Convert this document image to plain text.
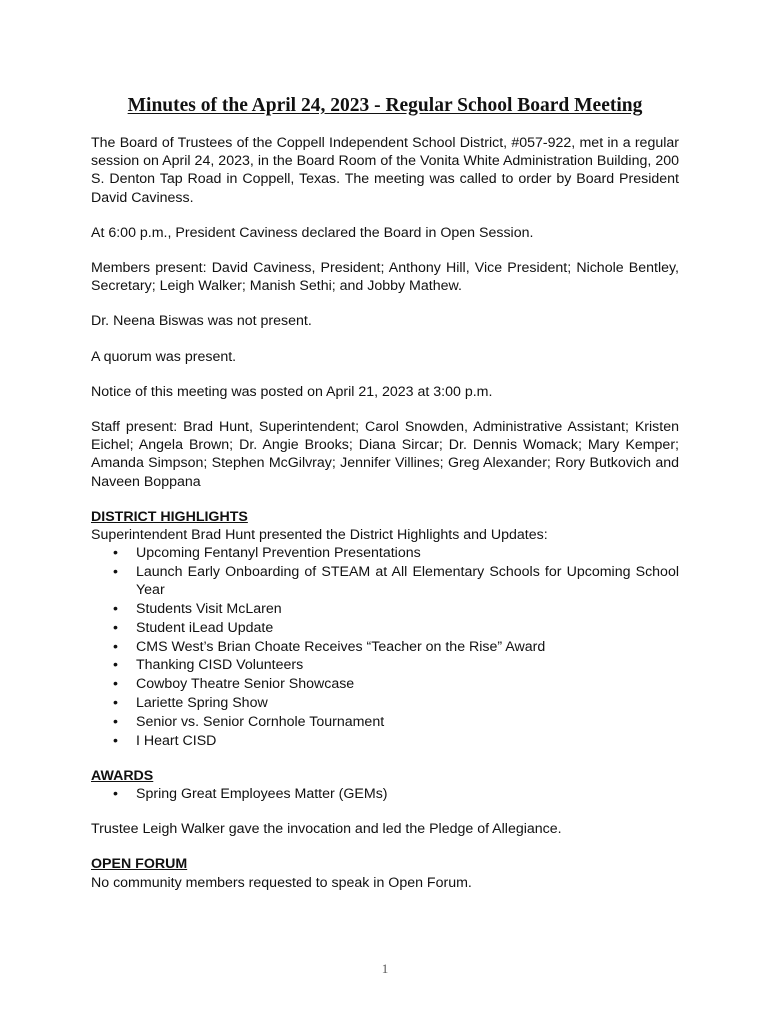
Minutes of the April 24, 2023 - Regular School Board Meeting

The Board of Trustees of the Coppell Independent School District, #057-922, met in a regular session on April 24, 2023, in the Board Room of the Vonita White Administration Building, 200 S. Denton Tap Road in Coppell, Texas. The meeting was called to order by Board President David Caviness.

At 6:00 p.m., President Caviness declared the Board in Open Session.

Members present: David Caviness, President; Anthony Hill, Vice President; Nichole Bentley, Secretary; Leigh Walker; Manish Sethi; and Jobby Mathew.

Dr. Neena Biswas was not present.

A quorum was present.

Notice of this meeting was posted on April 21, 2023 at 3:00 p.m.

Staff present: Brad Hunt, Superintendent; Carol Snowden, Administrative Assistant; Kristen Eichel; Angela Brown; Dr. Angie Brooks; Diana Sircar; Dr. Dennis Womack; Mary Kemper; Amanda Simpson; Stephen McGilvray; Jennifer Villines; Greg Alexander; Rory Butkovich and Naveen Boppana

DISTRICT HIGHLIGHTS
Superintendent Brad Hunt presented the District Highlights and Updates:
• Upcoming Fentanyl Prevention Presentations
• Launch Early Onboarding of STEAM at All Elementary Schools for Upcoming School Year
• Students Visit McLaren
• Student iLead Update
• CMS West’s Brian Choate Receives “Teacher on the Rise” Award
• Thanking CISD Volunteers
• Cowboy Theatre Senior Showcase
• Lariette Spring Show
• Senior vs. Senior Cornhole Tournament
• I Heart CISD
AWARDS
• Spring Great Employees Matter (GEMs)

Trustee Leigh Walker gave the invocation and led the Pledge of Allegiance.

OPEN FORUM
No community members requested to speak in Open Forum.
1
